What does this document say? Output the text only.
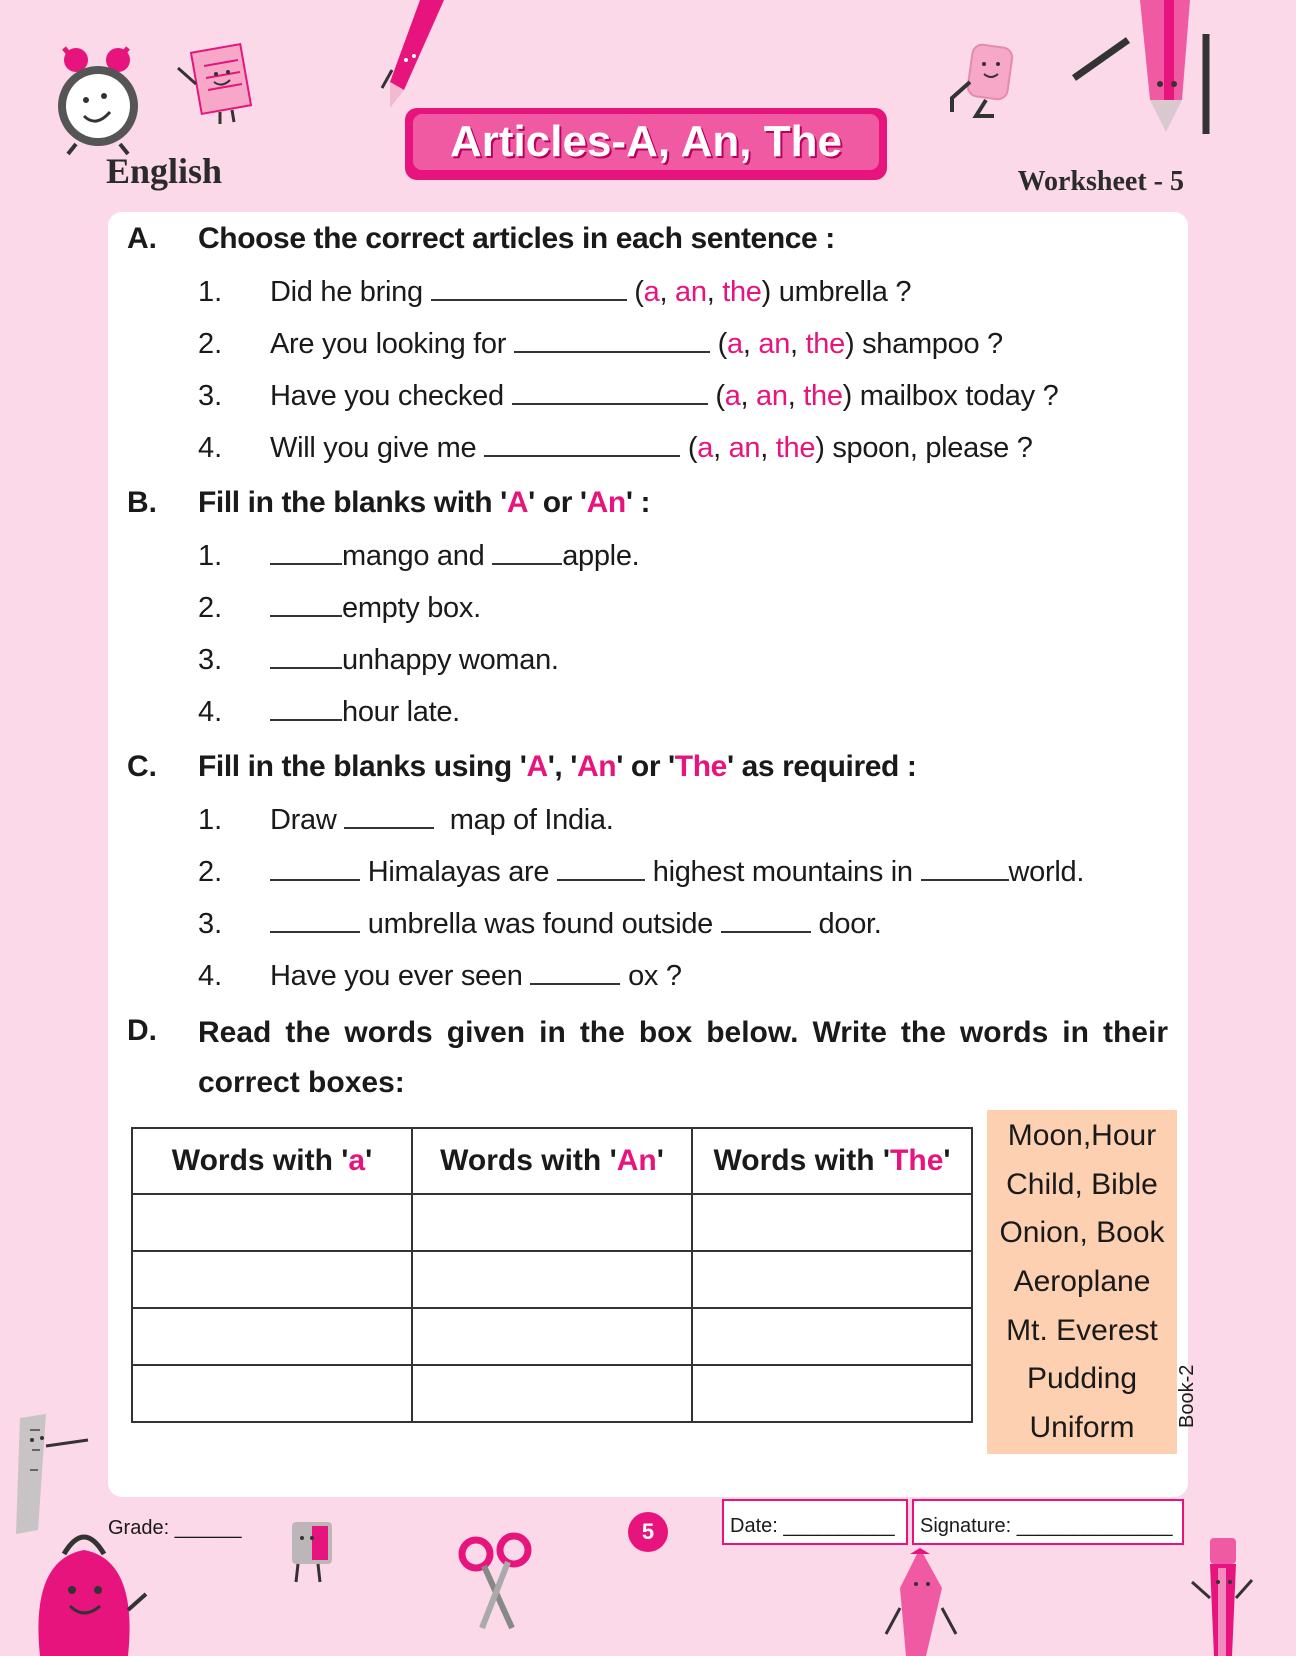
English
Articles-A, An, The
Worksheet - 5
A. Choose the correct articles in each sentence :
1. Did he bring	(a, an, the) umbrella ?
2. Are you looking for	(a, an, the) shampoo ?
3. Have you checked	(a, an, the) mailbox today ?
4. Will you give me	(a, an, the) spoon, please ?
B. Fill in the blanks with 'A' or 'An' :
1.	mango and	apple.
2.	empty box.
3.	unhappy woman.
4.	hour late.
C. Fill in the blanks using 'A', 'An' or 'The' as required :
1. Draw	map of India.
2.	Himalayas are	highest mountains in	world.
3.	umbrella was found outside	door.
4. Have you ever seen	ox ?
D. Read the words given in the box below. Write the words in their correct boxes:
Words with 'a'	Words with 'An'	Words with 'The'

Moon,Hour
Child, Bible
Onion, Book
Aeroplane
Mt. Everest
Pudding
Uniform Book-2
Grade: ______	5	Date: __________	Signature: ______________
